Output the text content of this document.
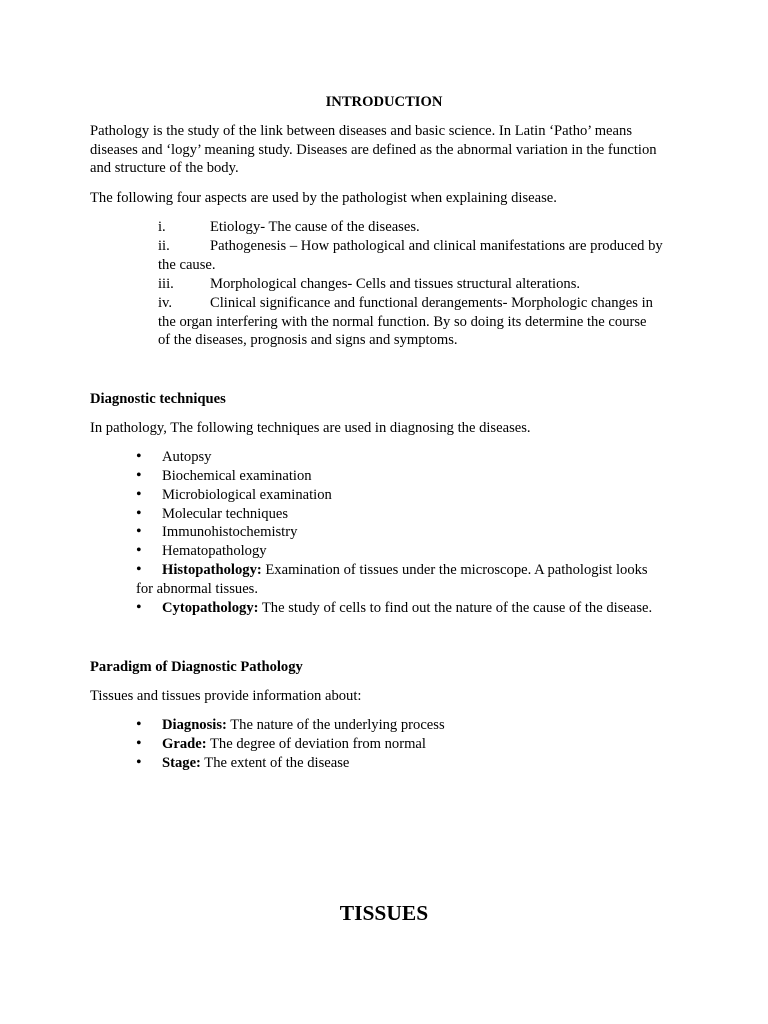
INTRODUCTION
Pathology is the study of the link between diseases and basic science. In Latin ‘Patho’ means
diseases and ‘logy’ meaning study. Diseases are defined as the abnormal variation in the function
and structure of the body.
The following four aspects are used by the pathologist when explaining disease.
i.	Etiology- The cause of the diseases.
ii.	Pathogenesis – How pathological and clinical manifestations are produced by
the cause.
iii. Morphological changes- Cells and tissues structural alterations.
iv.	Clinical significance and functional derangements- Morphologic changes in
the organ interfering with the normal function. By so doing its determine the course
of the diseases, prognosis and signs and symptoms.
Diagnostic techniques
In pathology, The following techniques are used in diagnosing the diseases.
• Autopsy
• Biochemical examination
• Microbiological examination
• Molecular techniques
• Immunohistochemistry
• Hematopathology
• Histopathology: Examination of tissues under the microscope. A pathologist looks
for abnormal tissues.
• Cytopathology: The study of cells to find out the nature of the cause of the disease.
Paradigm of Diagnostic Pathology
Tissues and tissues provide information about:
• Diagnosis: The nature of the underlying process
• Grade: The degree of deviation from normal
• Stage: The extent of the disease
TISSUES
